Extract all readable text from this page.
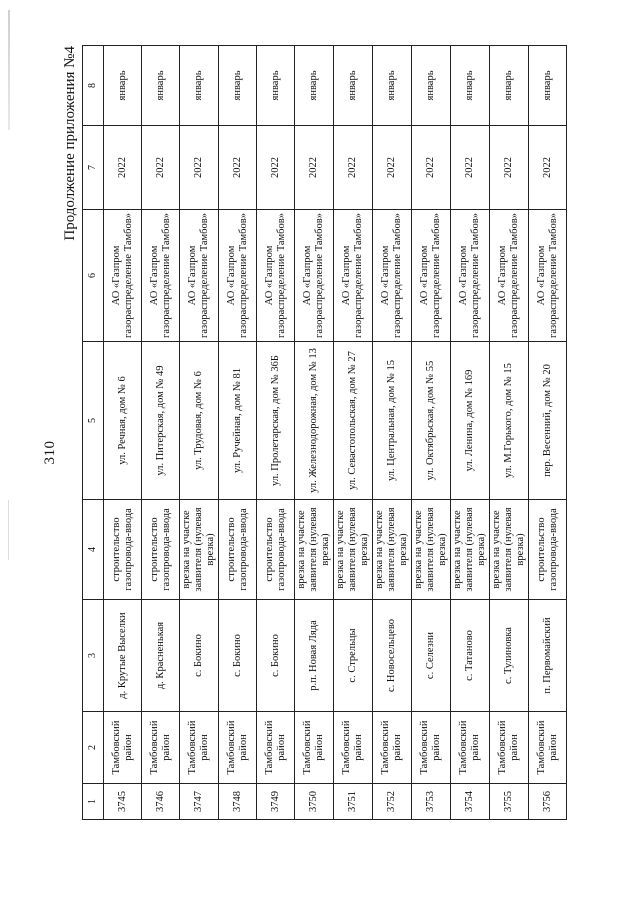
310
Продолжение приложения №4
1	2	3	4	5	6	7	8
3745	Тамбовский район	д. Крутые Выселки	строительство газопровода-ввода	ул. Речная, дом № 6	АО «Газпром газораспределение Тамбов»	2022	январь
3746	Тамбовский район	д. Красненькая	строительство газопровода-ввода	ул. Питерская, дом № 49	АО «Газпром газораспределение Тамбов»	2022	январь
3747	Тамбовский район	с. Бокино	врезка на участке заявителя (нулевая врезка)	ул. Трудовая, дом № 6	АО «Газпром газораспределение Тамбов»	2022	январь
3748	Тамбовский район	с. Бокино	строительство газопровода-ввода	ул. Ручейная, дом № 81	АО «Газпром газораспределение Тамбов»	2022	январь
3749	Тамбовский район	с. Бокино	строительство газопровода-ввода	ул. Пролетарская, дом № 36Б	АО «Газпром газораспределение Тамбов»	2022	январь
3750	Тамбовский район	р.п. Новая Ляда	врезка на участке заявителя (нулевая врезка)	ул. Железнодорожная, дом № 13	АО «Газпром газораспределение Тамбов»	2022	январь
3751	Тамбовский район	с. Стрельцы	врезка на участке заявителя (нулевая врезка)	ул. Севастопольская, дом № 27	АО «Газпром газораспределение Тамбов»	2022	январь
3752	Тамбовский район	с. Новосельцево	врезка на участке заявителя (нулевая врезка)	ул. Центральная, дом № 15	АО «Газпром газораспределение Тамбов»	2022	январь
3753	Тамбовский район	с. Селезни	врезка на участке заявителя (нулевая врезка)	ул. Октябрьская, дом № 55	АО «Газпром газораспределение Тамбов»	2022	январь
3754	Тамбовский район	с. Татаново	врезка на участке заявителя (нулевая врезка)	ул. Ленина, дом № 169	АО «Газпром газораспределение Тамбов»	2022	январь
3755	Тамбовский район	с. Тулиновка	врезка на участке заявителя (нулевая врезка)	ул. М.Горького, дом № 15	АО «Газпром газораспределение Тамбов»	2022	январь
3756	Тамбовский район	п. Первомайский	строительство газопровода-ввода	пер. Весенний, дом № 20	АО «Газпром газораспределение Тамбов»	2022	январь
